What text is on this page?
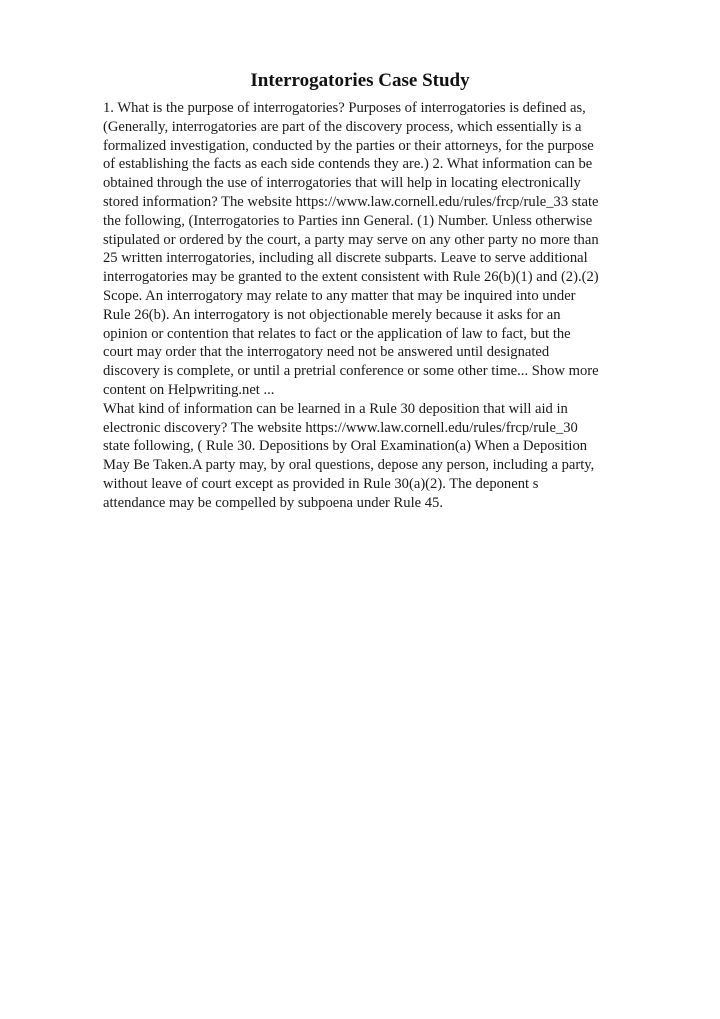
Interrogatories Case Study
1. What is the purpose of interrogatories? Purposes of interrogatories is defined as,
(Generally, interrogatories are part of the discovery process, which essentially is a
formalized investigation, conducted by the parties or their attorneys, for the purpose
of establishing the facts as each side contends they are.) 2. What information can be
obtained through the use of interrogatories that will help in locating electronically
stored information? The website https://www.law.cornell.edu/rules/frcp/rule_33 state
the following, (Interrogatories to Parties inn General. (1) Number. Unless otherwise
stipulated or ordered by the court, a party may serve on any other party no more than
25 written interrogatories, including all discrete subparts. Leave to serve additional
interrogatories may be granted to the extent consistent with Rule 26(b)(1) and (2).(2)
Scope. An interrogatory may relate to any matter that may be inquired into under
Rule 26(b). An interrogatory is not objectionable merely because it asks for an
opinion or contention that relates to fact or the application of law to fact, but the
court may order that the interrogatory need not be answered until designated
discovery is complete, or until a pretrial conference or some other time... Show more
content on Helpwriting.net ...
What kind of information can be learned in a Rule 30 deposition that will aid in
electronic discovery? The website https://www.law.cornell.edu/rules/frcp/rule_30
state following, ( Rule 30. Depositions by Oral Examination(a) When a Deposition
May Be Taken.A party may, by oral questions, depose any person, including a party,
without leave of court except as provided in Rule 30(a)(2). The deponent s
attendance may be compelled by subpoena under Rule 45.
